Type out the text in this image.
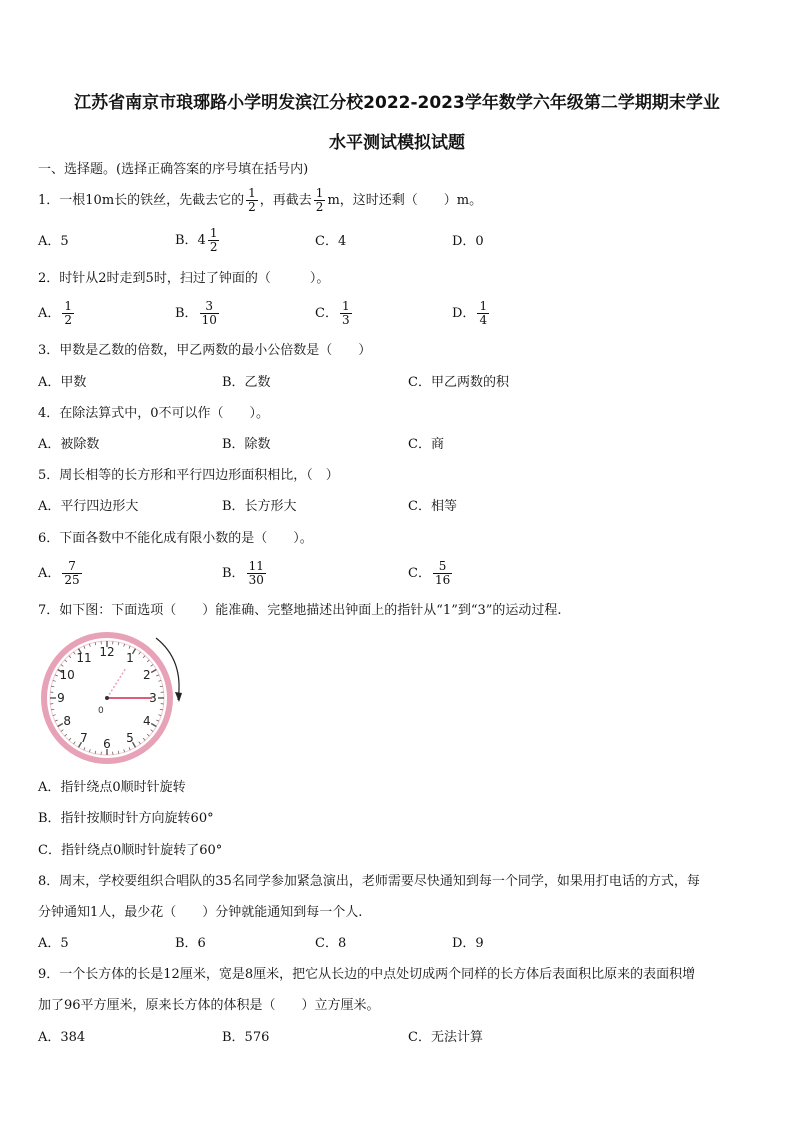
江苏省南京市琅琊路小学明发滨江分校2022-2023学年数学六年级第二学期期末学业
水平测试模拟试题
一、选择题。(选择正确答案的序号填在括号内)
1．一根10m长的铁丝，先截去它的 $\frac{1}{2}$ ，再截去 $\frac{1}{2}$ m，这时还剩（　　）m。
A．5	B．$4 \frac{1}{2}$	C．4	D．0
2．时针从2时走到5时，扫过了钟面的（　　　）。
A． $\frac{1}{2}$	B． $\frac{3}{10}$	C． $\frac{1}{3}$	D． $\frac{1}{4}$
3．甲数是乙数的倍数，甲乙两数的最小公倍数是（　　）
A．甲数	B．乙数	C．甲乙两数的积
4．在除法算式中，0不可以作（　　）。
A．被除数	B．除数	C．商
5．周长相等的长方形和平行四边形面积相比，（　）
A．平行四边形大	B．长方形大	C．相等
6．下面各数中不能化成有限小数的是（　　）。
A． $\frac{7}{25}$	B． $\frac{11}{30}$	C． $\frac{5}{16}$
7．如下图：下面选项（　　）能准确、完整地描述出钟面上的指针从“1”到“3”的运动过程.
12 1
2
3
4
5
6
7
8
9
10
11
0
A．指针绕点0顺时针旋转
B．指针按顺时针方向旋转60°
C．指针绕点0顺时针旋转了60°
8．周末，学校要组织合唱队的35名同学参加紧急演出，老师需要尽快通知到每一个同学，如果用打电话的方式，每
分钟通知1人，最少花（　　）分钟就能通知到每一个人.
A．5	B．6	C．8	D．9
9．一个长方体的长是12厘米，宽是8厘米，把它从长边的中点处切成两个同样的长方体后表面积比原来的表面积增
加了96平方厘米，原来长方体的体积是（　　）立方厘米。
A．384	B．576	C．无法计算
